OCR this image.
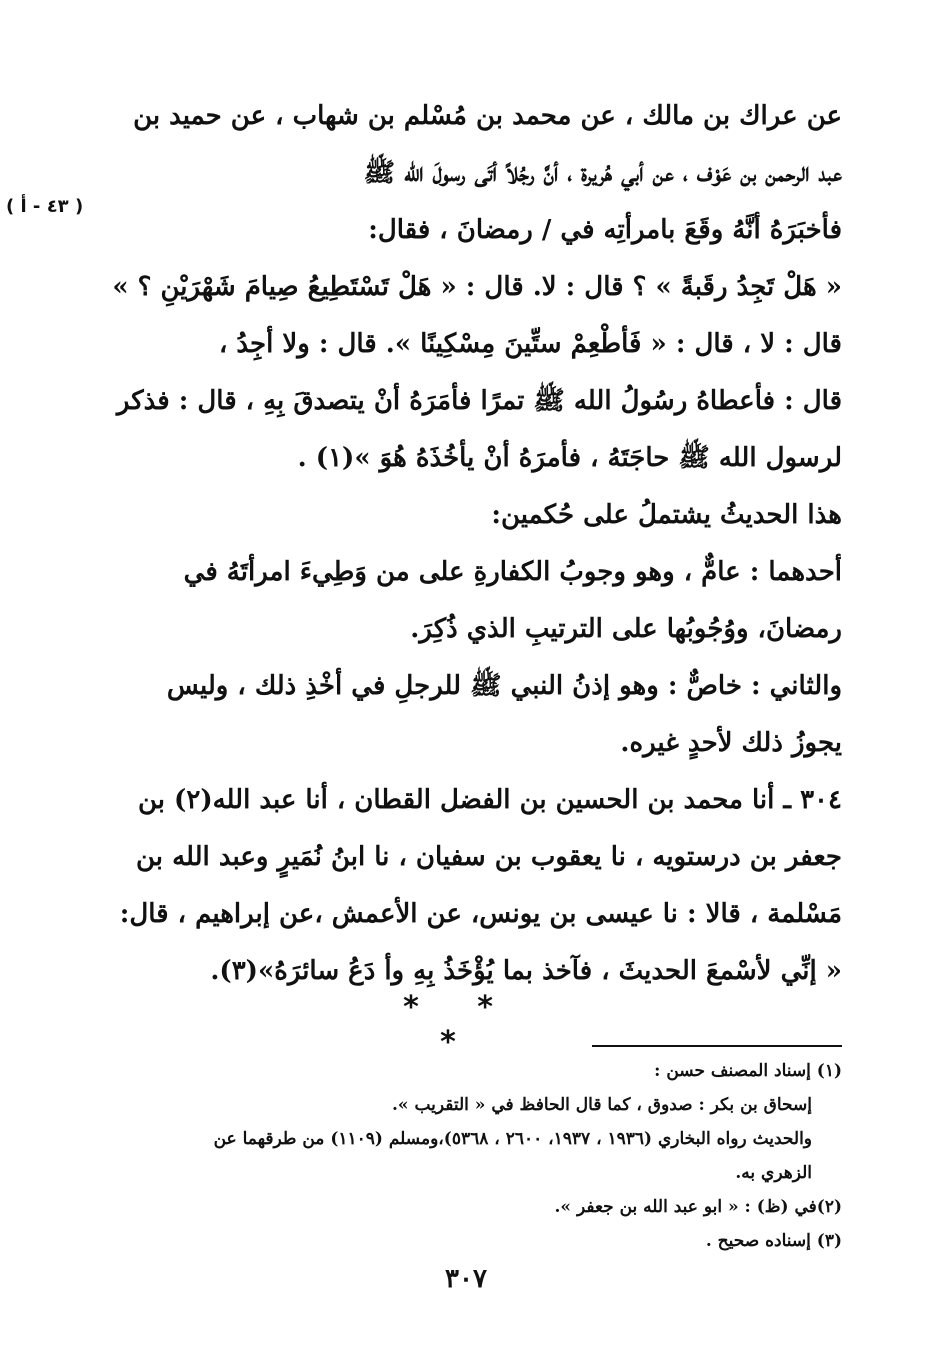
( ٤٣ - أ )
عن عراك بن مالك ، عن محمد بن مُسْلم بن شهاب ، عن حميد بن
عبد الرحمن بن عَوْف ، عن أبي هُريرة ، أنَّ رجُلاً أتَى رسولَ الله ﷺ
فأخبَرَهُ أنَّهُ وقَعَ بامرأتِه في / رمضانَ ، فقال:
« هَلْ تَجِدُ رقَبةً » ؟ قال : لا. قال : « هَلْ تَسْتَطِيعُ صِيامَ شَهْرَيْنِ ؟ »
قال : لا ، قال : « فَأطْعِمْ ستِّينَ مِسْكِينًا ». قال : ولا أجِدُ ،
قال : فأعطاهُ رسُولُ الله ﷺ تمرًا فأمَرَهُ أنْ يتصدقَ بِهِ ، قال : فذكر
لرسول الله ﷺ حاجَتَهُ ، فأمرَهُ أنْ يأخُذَهُ هُوَ »(١) .
هذا الحديثُ يشتملُ على حُكمين:
أحدهما : عامٌّ ، وهو وجوبُ الكفارةِ على من وَطِيءَ امرأتَهُ في
رمضانَ، ووُجُوبُها على الترتيبِ الذي ذُكِرَ.
والثاني : خاصٌّ : وهو إذنُ النبي ﷺ للرجلِ في أخْذِ ذلك ، وليس
يجوزُ ذلك لأحدٍ غيره.
٣٠٤ ـ أنا محمد بن الحسين بن الفضل القطان ، أنا عبد الله(٢) بن
جعفر بن درستويه ، نا يعقوب بن سفيان ، نا ابنُ نُمَيرٍ وعبد الله بن
مَسْلمة ، قالا : نا عيسى بن يونس، عن الأعمش ،عن إبراهيم ، قال:
« إنِّي لأسْمعَ الحديثَ ، فآخذ بما يُؤْخَذُ بِهِ وأ دَعُ سائرَهُ»(٣).
* * *
(١) إسناد المصنف حسن :
إسحاق بن بكر : صدوق ، كما قال الحافظ في « التقريب ».
والحديث رواه البخاري (١٩٣٦ ، ١٩٣٧، ٢٦٠٠ ، ٥٣٦٨)،ومسلم (١١٠٩) من طرقهما عن
الزهري به.
(٢)في (ظ) : « ابو عبد الله بن جعفر ».
(٣) إسناده صحيح .
٣٠٧
